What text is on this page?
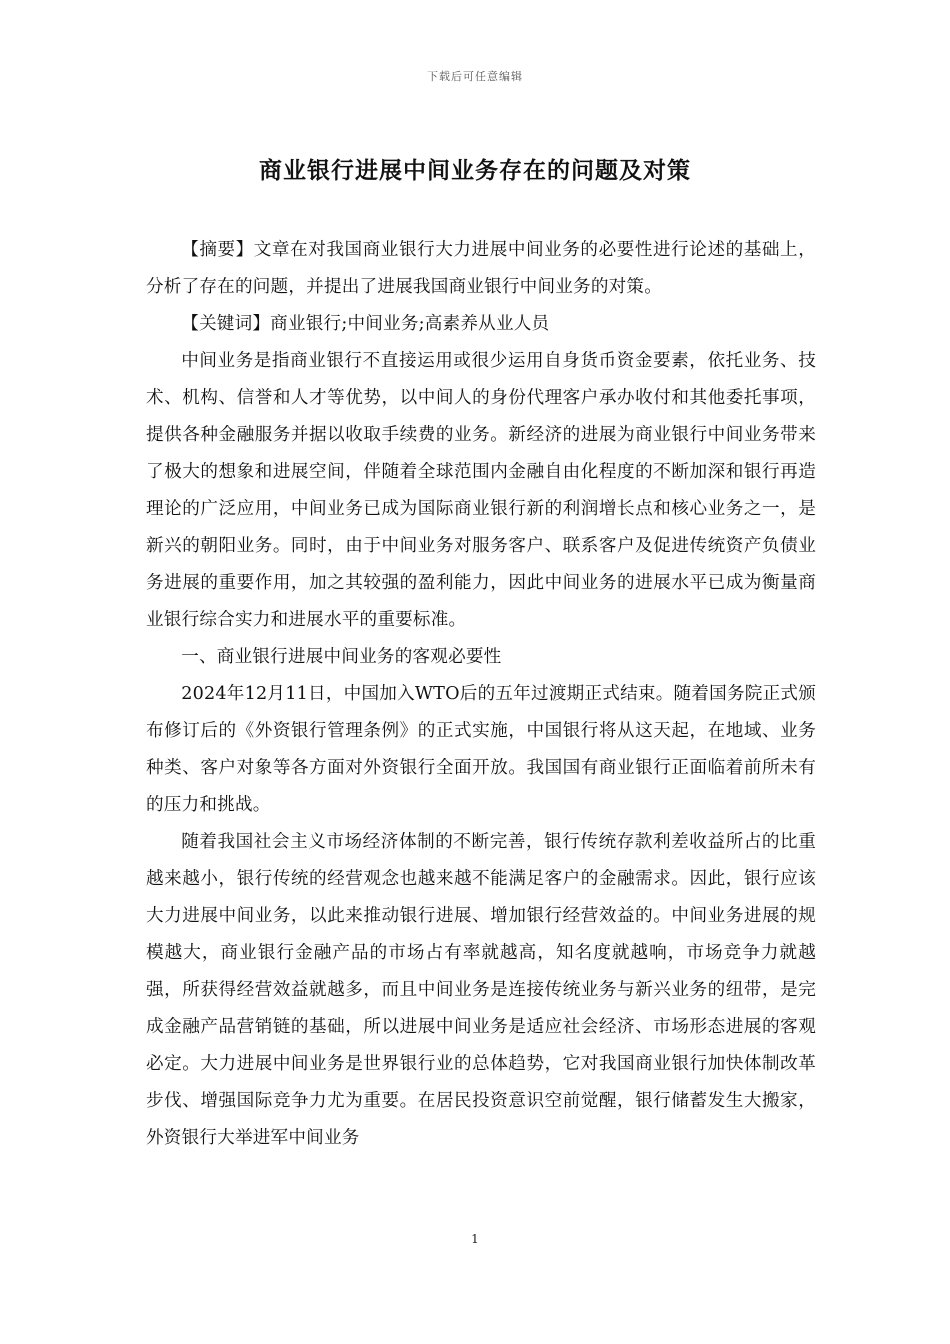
下载后可任意编辑
商业银行进展中间业务存在的问题及对策

【摘要】文章在对我国商业银行大力进展中间业务的必要性进行论述的基础上，分析了存在的问题，并提出了进展我国商业银行中间业务的对策。

【关键词】商业银行;中间业务;高素养从业人员

中间业务是指商业银行不直接运用或很少运用自身货币资金要素，依托业务、技术、机构、信誉和人才等优势，以中间人的身份代理客户承办收付和其他委托事项，提供各种金融服务并据以收取手续费的业务。新经济的进展为商业银行中间业务带来了极大的想象和进展空间，伴随着全球范围内金融自由化程度的不断加深和银行再造理论的广泛应用，中间业务已成为国际商业银行新的利润增长点和核心业务之一，是新兴的朝阳业务。同时，由于中间业务对服务客户、联系客户及促进传统资产负债业务进展的重要作用，加之其较强的盈利能力，因此中间业务的进展水平已成为衡量商业银行综合实力和进展水平的重要标准。

一、商业银行进展中间业务的客观必要性

2024年12月11日，中国加入WTO后的五年过渡期正式结束。随着国务院正式颁布修订后的《外资银行管理条例》的正式实施，中国银行将从这天起，在地域、业务种类、客户对象等各方面对外资银行全面开放。我国国有商业银行正面临着前所未有的压力和挑战。

随着我国社会主义市场经济体制的不断完善，银行传统存款利差收益所占的比重越来越小，银行传统的经营观念也越来越不能满足客户的金融需求。因此，银行应该大力进展中间业务，以此来推动银行进展、增加银行经营效益的。中间业务进展的规模越大，商业银行金融产品的市场占有率就越高，知名度就越响，市场竞争力就越强，所获得经营效益就越多，而且中间业务是连接传统业务与新兴业务的纽带，是完成金融产品营销链的基础，所以进展中间业务是适应社会经济、市场形态进展的客观必定。大力进展中间业务是世界银行业的总体趋势，它对我国商业银行加快体制改革步伐、增强国际竞争力尤为重要。在居民投资意识空前觉醒，银行储蓄发生大搬家，外资银行大举进军中间业务

1
